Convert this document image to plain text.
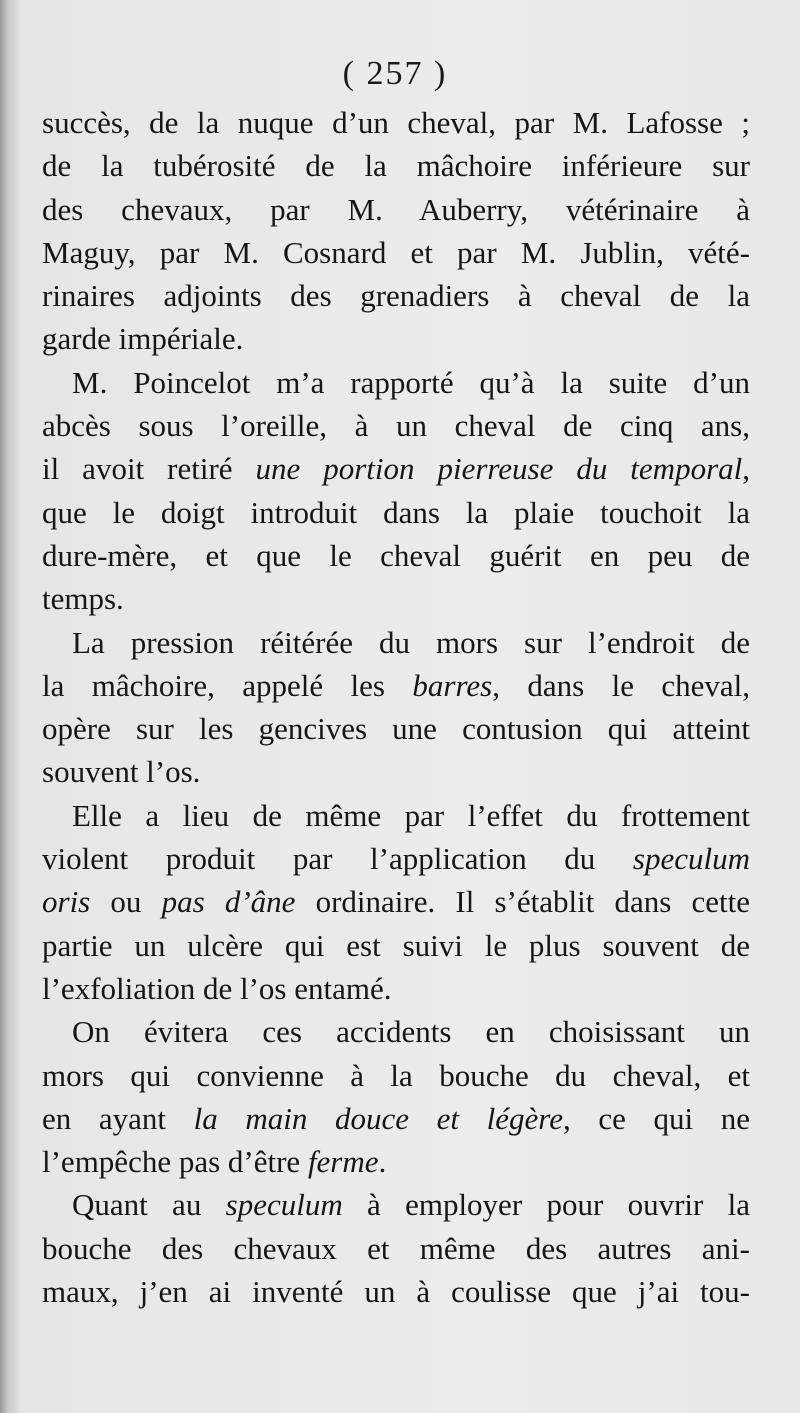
( 257 )
succès, de la nuque d’un cheval, par M. Lafosse ;
de la tubérosité de la mâchoire inférieure sur
des chevaux, par M. Auberry, vétérinaire à
Maguy, par M. Cosnard et par M. Jublin, vété-
rinaires adjoints des grenadiers à cheval de la
garde impériale.
M. Poincelot m’a rapporté qu’à la suite d’un
abcès sous l’oreille, à un cheval de cinq ans,
il avoit retiré une portion pierreuse du temporal,
que le doigt introduit dans la plaie touchoit la
dure-mère, et que le cheval guérit en peu de
temps.
La pression réitérée du mors sur l’endroit de
la mâchoire, appelé les barres, dans le cheval,
opère sur les gencives une contusion qui atteint
souvent l’os.
Elle a lieu de même par l’effet du frottement
violent produit par l’application du speculum
oris ou pas d’âne ordinaire. Il s’établit dans cette
partie un ulcère qui est suivi le plus souvent de
l’exfoliation de l’os entamé.
On évitera ces accidents en choisissant un
mors qui convienne à la bouche du cheval, et
en ayant la main douce et légère, ce qui ne
l’empêche pas d’être ferme.
Quant au speculum à employer pour ouvrir la
bouche des chevaux et même des autres ani-
maux, j’en ai inventé un à coulisse que j’ai tou-
